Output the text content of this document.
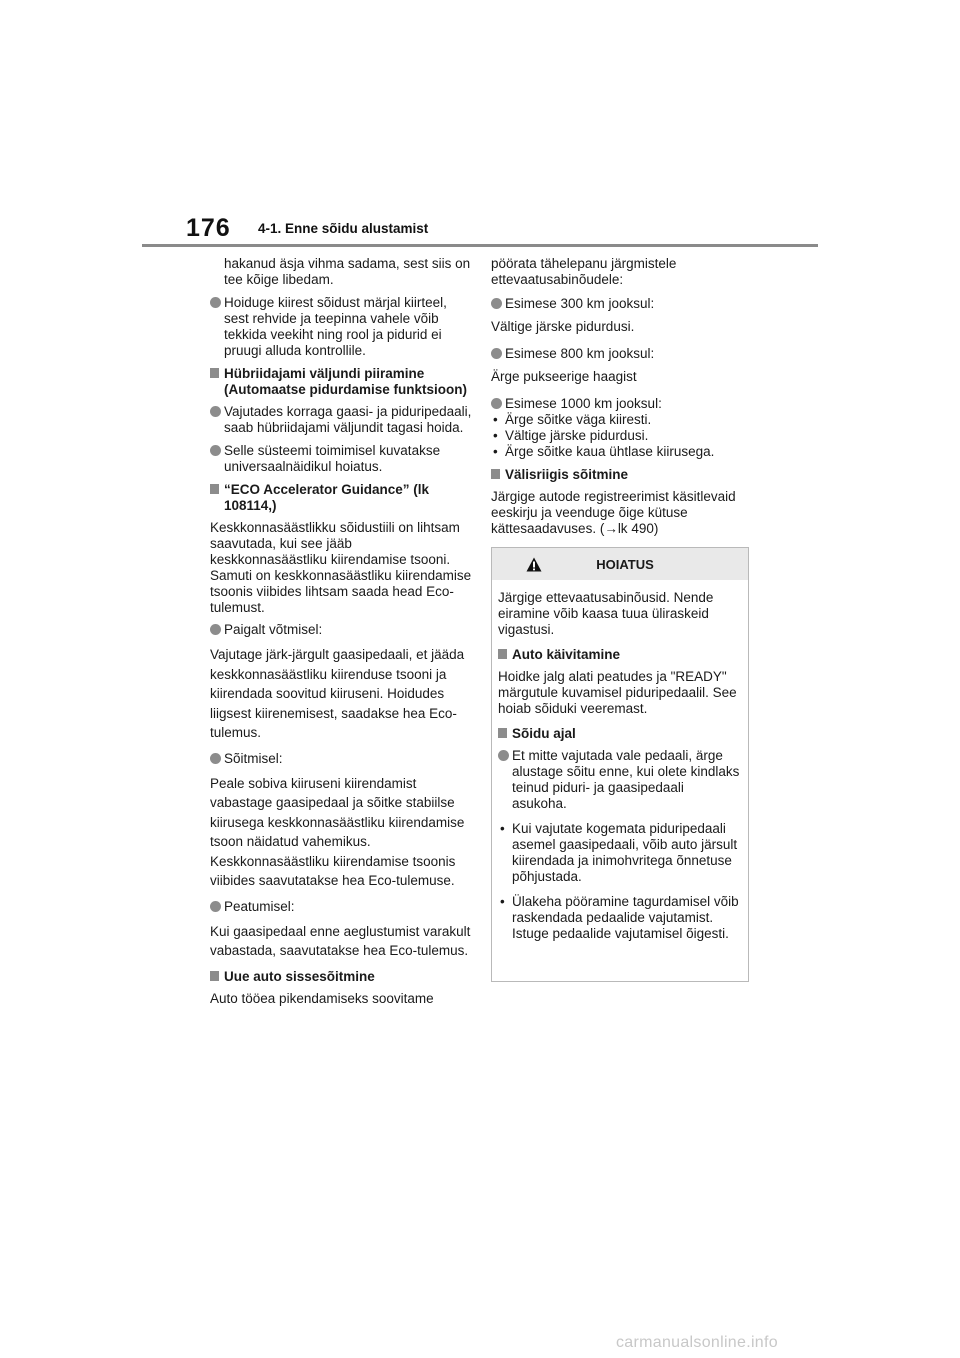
176 4-1. Enne sõidu alustamist
hakanud äsja vihma sadama, sest siis on tee kõige libedam.
Hoiduge kiirest sõidust märjal kiirteel, sest rehvide ja teepinna vahele võib tekkida veekiht ning rool ja pidurid ei pruugi alluda kontrollile.
Hübriidajami väljundi piiramine (Automaatse pidurdamise funktsioon)
Vajutades korraga gaasi- ja piduripedaali, saab hübriidajami väljundit tagasi hoida.
Selle süsteemi toimimisel kuvatakse universaalnäidikul hoiatus.
“ECO Accelerator Guidance” (lk 108114,)
Keskkonnasäästlikku sõidustiili on lihtsam saavutada, kui see jääb keskkonnasäästliku kiirendamise tsooni. Samuti on keskkonnasäästliku kiirendamise tsoonis viibides lihtsam saada head Eco-tulemust.
Paigalt võtmisel:
Vajutage järk-järgult gaasipedaali, et jääda keskkonnasäästliku kiirenduse tsooni ja kiirendada soovitud kiiruseni. Hoidudes liigsest kiirenemisest, saadakse hea Eco-tulemus.
Sõitmisel:
Peale sobiva kiiruseni kiirendamist vabastage gaasipedaal ja sõitke stabiilse kiirusega keskkonnasäästliku kiirendamise tsoon näidatud vahemikus. Keskkonnasäästliku kiirendamise tsoonis viibides saavutatakse hea Eco-tulemuse.
Peatumisel:
Kui gaasipedaal enne aeglustumist varakult vabastada, saavutatakse hea Eco-tulemus.
Uue auto sissesõitmine
Auto tööea pikendamiseks soovitame
pöörata tähelepanu järgmistele ettevaatusabinõudele:
Esimese 300 km jooksul:
Vältige järske pidurdusi.
Esimese 800 km jooksul:
Ärge pukseerige haagist
Esimese 1000 km jooksul:
• Ärge sõitke väga kiiresti.
• Vältige järske pidurdusi.
• Ärge sõitke kaua ühtlase kiirusega.
Välisriigis sõitmine
Järgige autode registreerimist käsitlevaid eeskirju ja veenduge õige kütuse kättesaadavuses. (→lk 490)
HOIATUS
Järgige ettevaatusabinõusid. Nende eiramine võib kaasa tuua üliraskeid vigastusi.
Auto käivitamine
Hoidke jalg alati peatudes ja "READY" märgutule kuvamisel piduripedaalil. See hoiab sõiduki veeremast.
Sõidu ajal
Et mitte vajutada vale pedaali, ärge alustage sõitu enne, kui olete kindlaks teinud piduri- ja gaasipedaali asukoha.
• Kui vajutate kogemata piduripedaali asemel gaasipedaali, võib auto järsult kiirendada ja inimohvritega õnnetuse põhjustada.
• Ülakeha pööramine tagurdamisel võib raskendada pedaalide vajutamist. Istuge pedaalide vajutamisel õigesti.
carmanualsonline.info
